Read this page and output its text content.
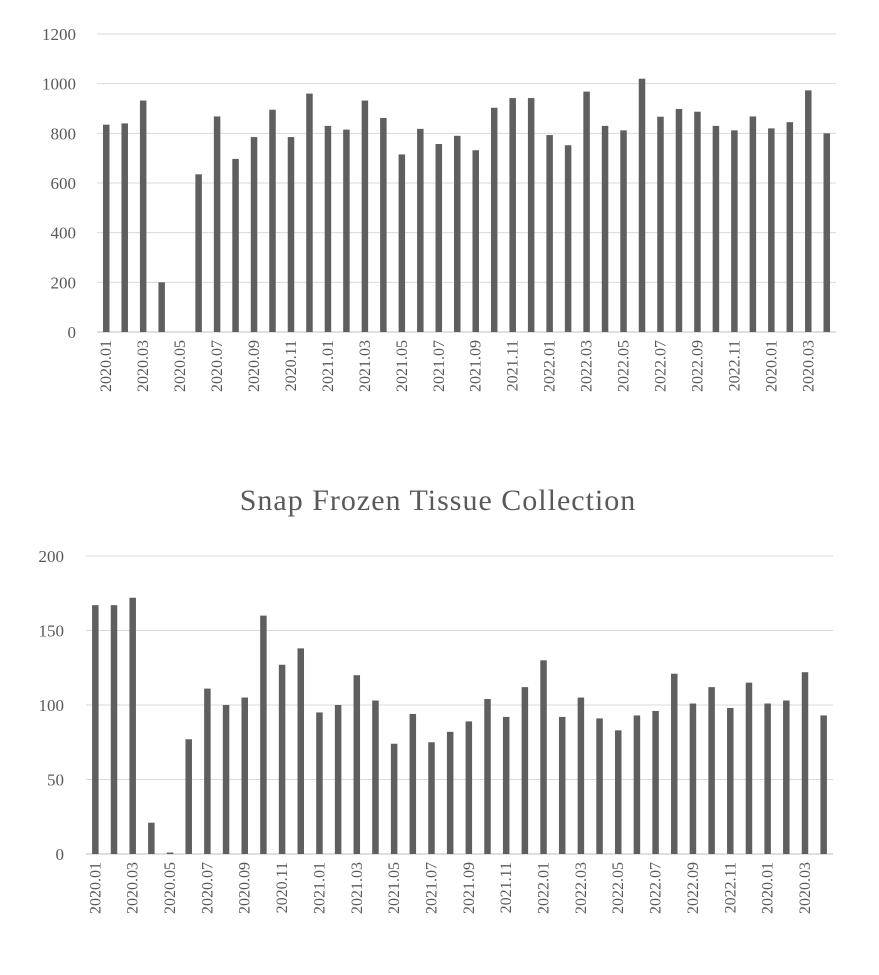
0
200
400
600
800
1000
1200
2020.01 2020.03 2020.05 2020.07 2020.09 2020.11 2021.01 2021.03 2021.05 2021.07 2021.09 2021.11 2022.01 2022.03 2022.05 2022.07 2022.09 2022.11 2020.01 2020.03
Snap Frozen Tissue Collection
0
50
100
150
200
2020.01 2020.03 2020.05 2020.07 2020.09 2020.11 2021.01 2021.03 2021.05 2021.07 2021.09 2021.11 2022.01 2022.03 2022.05 2022.07 2022.09 2022.11 2020.01 2020.03
